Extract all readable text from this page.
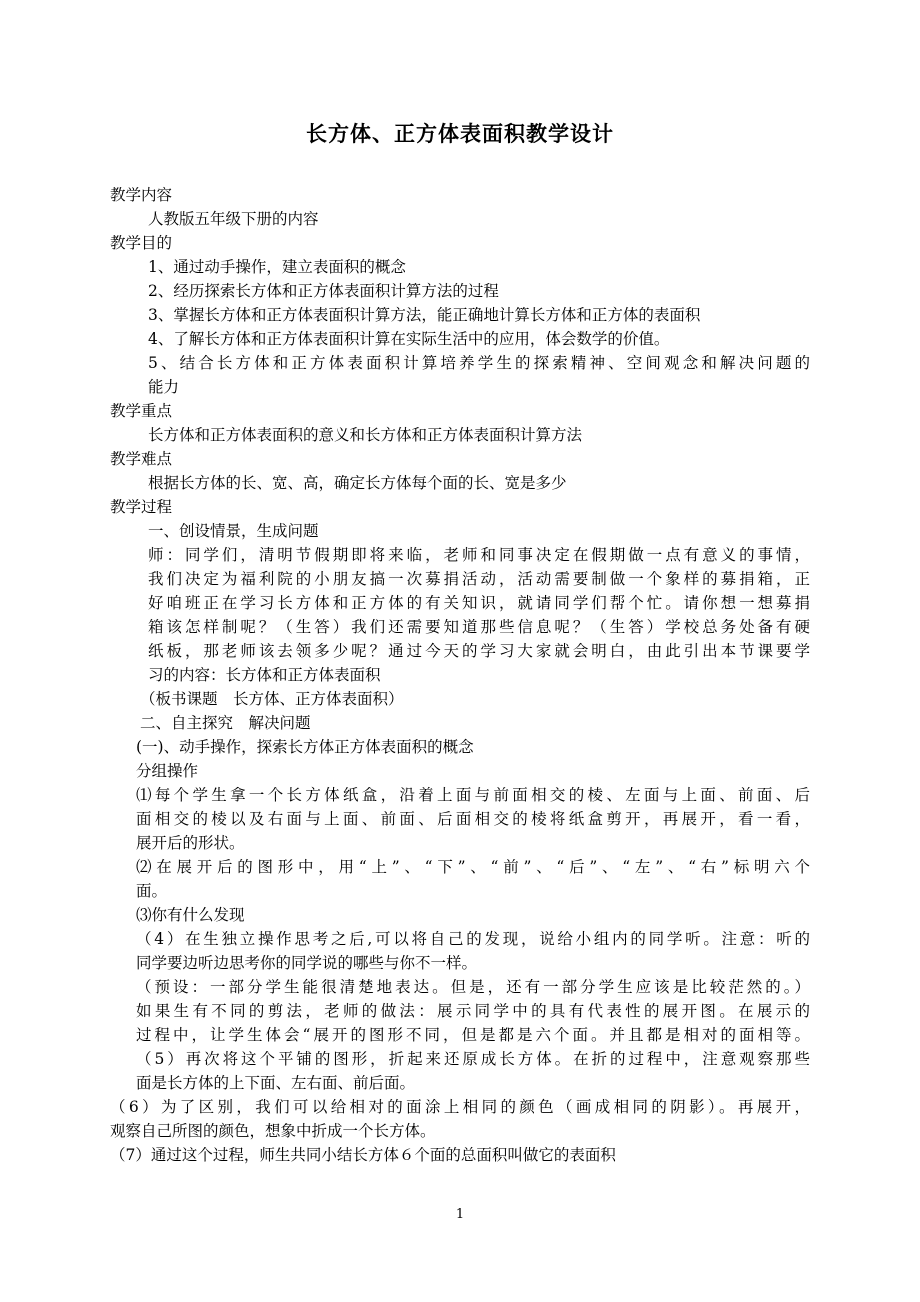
长方体、正方体表面积教学设计
教学内容
人教版五年级下册的内容
教学目的
1、通过动手操作，建立表面积的概念
2、经历探索长方体和正方体表面积计算方法的过程
3、掌握长方体和正方体表面积计算方法，能正确地计算长方体和正方体的表面积
4、了解长方体和正方体表面积计算在实际生活中的应用，体会数学的价值。
5、结合长方体和正方体表面积计算培养学生的探索精神、空间观念和解决问题的
能力
教学重点
长方体和正方体表面积的意义和长方体和正方体表面积计算方法
教学难点
根据长方体的长、宽、高，确定长方体每个面的长、宽是多少
教学过程
一、创设情景，生成问题
师：同学们，清明节假期即将来临，老师和同事决定在假期做一点有意义的事情，
我们决定为福利院的小朋友搞一次募捐活动，活动需要制做一个象样的募捐箱，正
好咱班正在学习长方体和正方体的有关知识，就请同学们帮个忙。请你想一想募捐
箱该怎样制呢？（生答）我们还需要知道那些信息呢？（生答）学校总务处备有硬
纸板，那老师该去领多少呢？通过今天的学习大家就会明白，由此引出本节课要学
习的内容：长方体和正方体表面积
（板书课题　长方体、正方体表面积）
二、自主探究　解决问题
(一)、动手操作，探索长方体正方体表面积的概念
分组操作
⑴每个学生拿一个长方体纸盒，沿着上面与前面相交的棱、左面与上面、前面、后
面相交的棱以及右面与上面、前面、后面相交的棱将纸盒剪开，再展开，看一看，
展开后的形状。
⑵在展开后的图形中，用“上”、“下”、“前”、“后”、“左”、“右”标明六个
面。
⑶你有什么发现
（4）在生独立操作思考之后,可以将自己的发现，说给小组内的同学听。注意：听的
同学要边听边思考你的同学说的哪些与你不一样。
（预设：一部分学生能很清楚地表达。但是，还有一部分学生应该是比较茫然的。）
如果生有不同的剪法，老师的做法：展示同学中的具有代表性的展开图。在展示的
过程中，让学生体会“展开的图形不同，但是都是六个面。并且都是相对的面相等。
（5）再次将这个平铺的图形，折起来还原成长方体。在折的过程中，注意观察那些
面是长方体的上下面、左右面、前后面。
（6）为了区别，我们可以给相对的面涂上相同的颜色（画成相同的阴影）。再展开，
观察自己所图的颜色，想象中折成一个长方体。
（7）通过这个过程，师生共同小结长方体６个面的总面积叫做它的表面积
1
